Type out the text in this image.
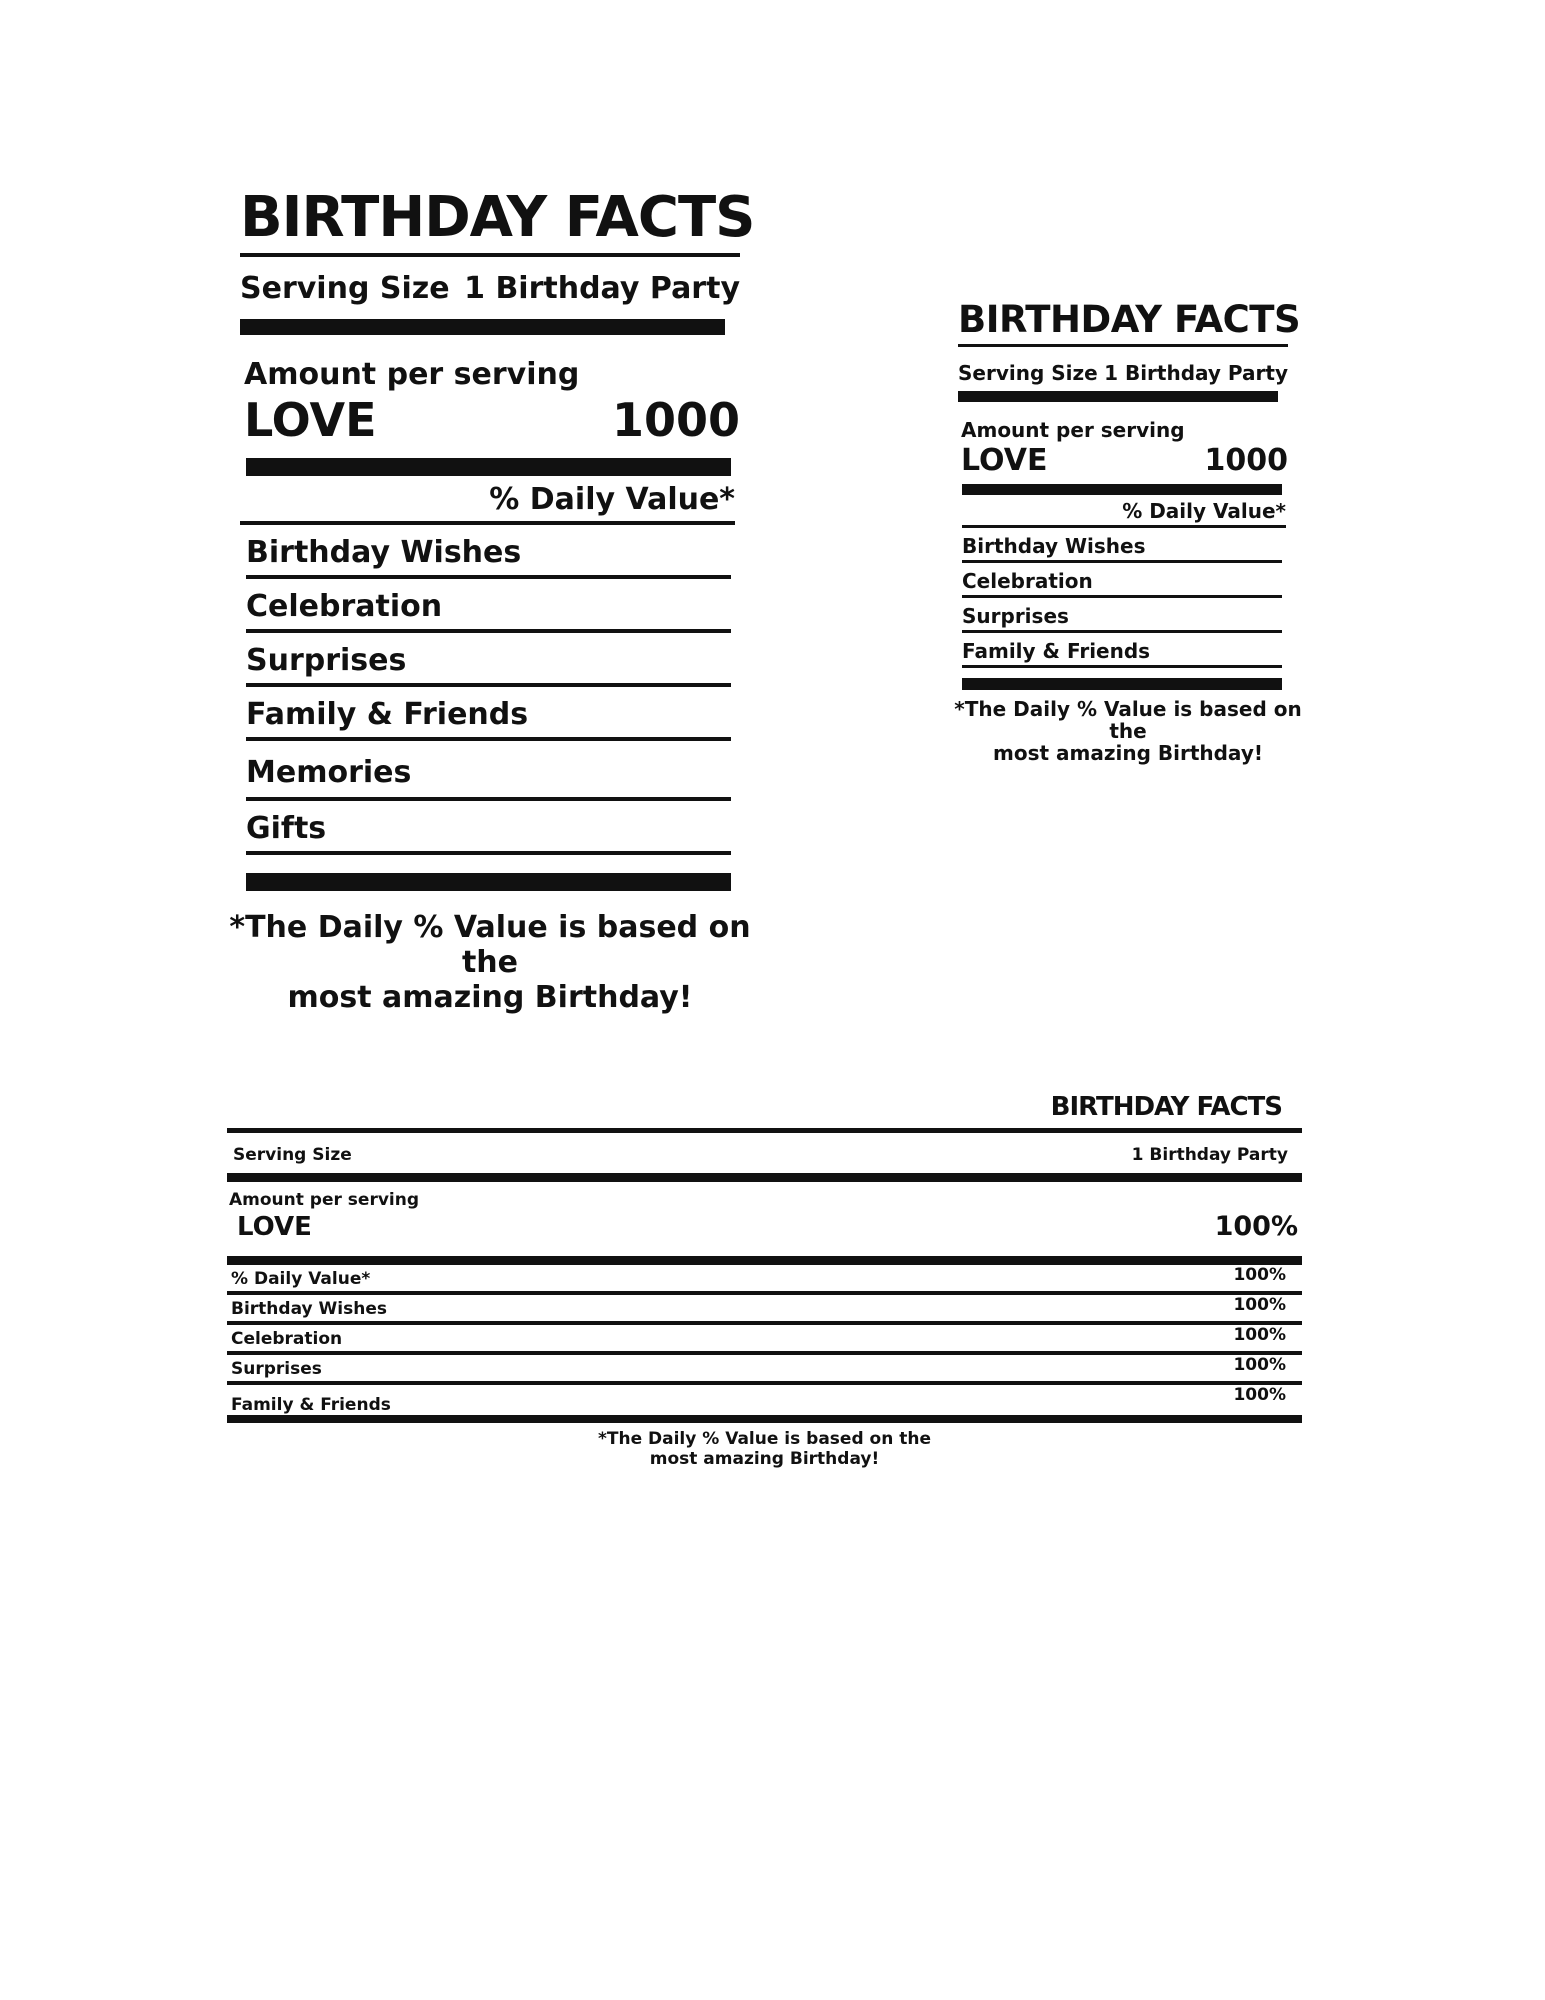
BIRTHDAY FACTS
Serving Size 1 Birthday Party
Amount per serving
LOVE	1000
% Daily Value*
Birthday Wishes
Celebration
Surprises
Family & Friends
Memories
Gifts
*The Daily % Value is based on the
most amazing Birthday!
BIRTHDAY FACTS
Serving Size 1 Birthday Party
Amount per serving
LOVE	1000
% Daily Value*
Birthday Wishes
Celebration
Surprises
Family & Friends
*The Daily % Value is based on the
most amazing Birthday!
BIRTHDAY FACTS
Serving Size	1 Birthday Party
Amount per serving
LOVE	100%
% Daily Value*	100%
Birthday Wishes	100%
Celebration	100%
Surprises	100%
Family & Friends	100%
*The Daily % Value is based on the
most amazing Birthday!
